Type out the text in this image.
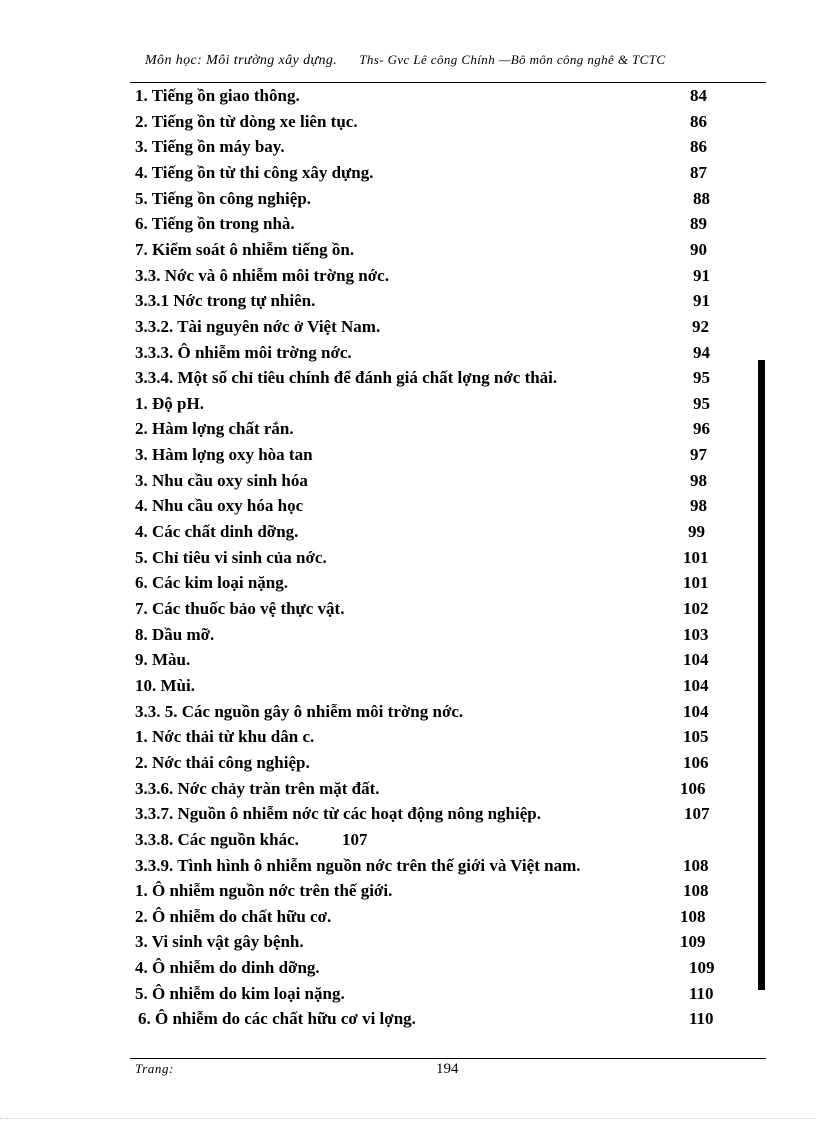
Môn học: Môi trường xây dựng. Ths- Gvc Lê công Chính —Bô môn công nghê & TCTC
1. Tiếng ồn giao thông.	84
2. Tiếng ồn từ dòng xe liên tục.	86
3. Tiếng ồn máy bay.	86
4. Tiếng ồn từ thi công xây dựng.	87
5. Tiếng ồn công nghiệp.	88
6. Tiếng ồn trong nhà.	89
7. Kiểm soát ô nhiễm tiếng ồn.	90
3.3. Nớc và ô nhiễm môi trờng nớc.	91
3.3.1 Nớc trong tự nhiên.	91
3.3.2. Tài nguyên nớc ở Việt Nam.	92
3.3.3. Ô nhiễm môi trờng nớc.	94
3.3.4. Một số chỉ tiêu chính để đánh giá chất lợng nớc thải.	95
1. Độ pH.	95
2. Hàm lợng chất rắn.	96
3. Hàm lợng oxy hòa tan	97
3. Nhu cầu oxy sinh hóa	98
4. Nhu cầu oxy hóa học	98
4. Các chất dinh dỡng.	99
5. Chỉ tiêu vi sinh của nớc.	101
6. Các kim loại nặng.	101
7. Các thuốc bảo vệ thực vật.	102
8. Dầu mỡ.	103
9. Màu.	104
10. Mùi.	104
3.3. 5. Các nguồn gây ô nhiễm môi trờng nớc.	104
1. Nớc thải từ khu dân c.	105
2. Nớc thải công nghiệp.	106
3.3.6. Nớc chảy tràn trên mặt đất.	106
3.3.7. Nguồn ô nhiễm nớc từ các hoạt động nông nghiệp.	107
3.3.8. Các nguồn khác.	107
3.3.9. Tình hình ô nhiễm nguồn nớc trên thế giới và Việt nam.	108
1. Ô nhiễm nguồn nớc trên thế giới.	108
2. Ô nhiễm do chất hữu cơ.	108
3. Vi sinh vật gây bệnh.	109
4. Ô nhiễm do dinh dỡng.	109
5. Ô nhiễm do kim loại nặng.	110
6. Ô nhiễm do các chất hữu cơ vi lợng.	110
Trang:	194
